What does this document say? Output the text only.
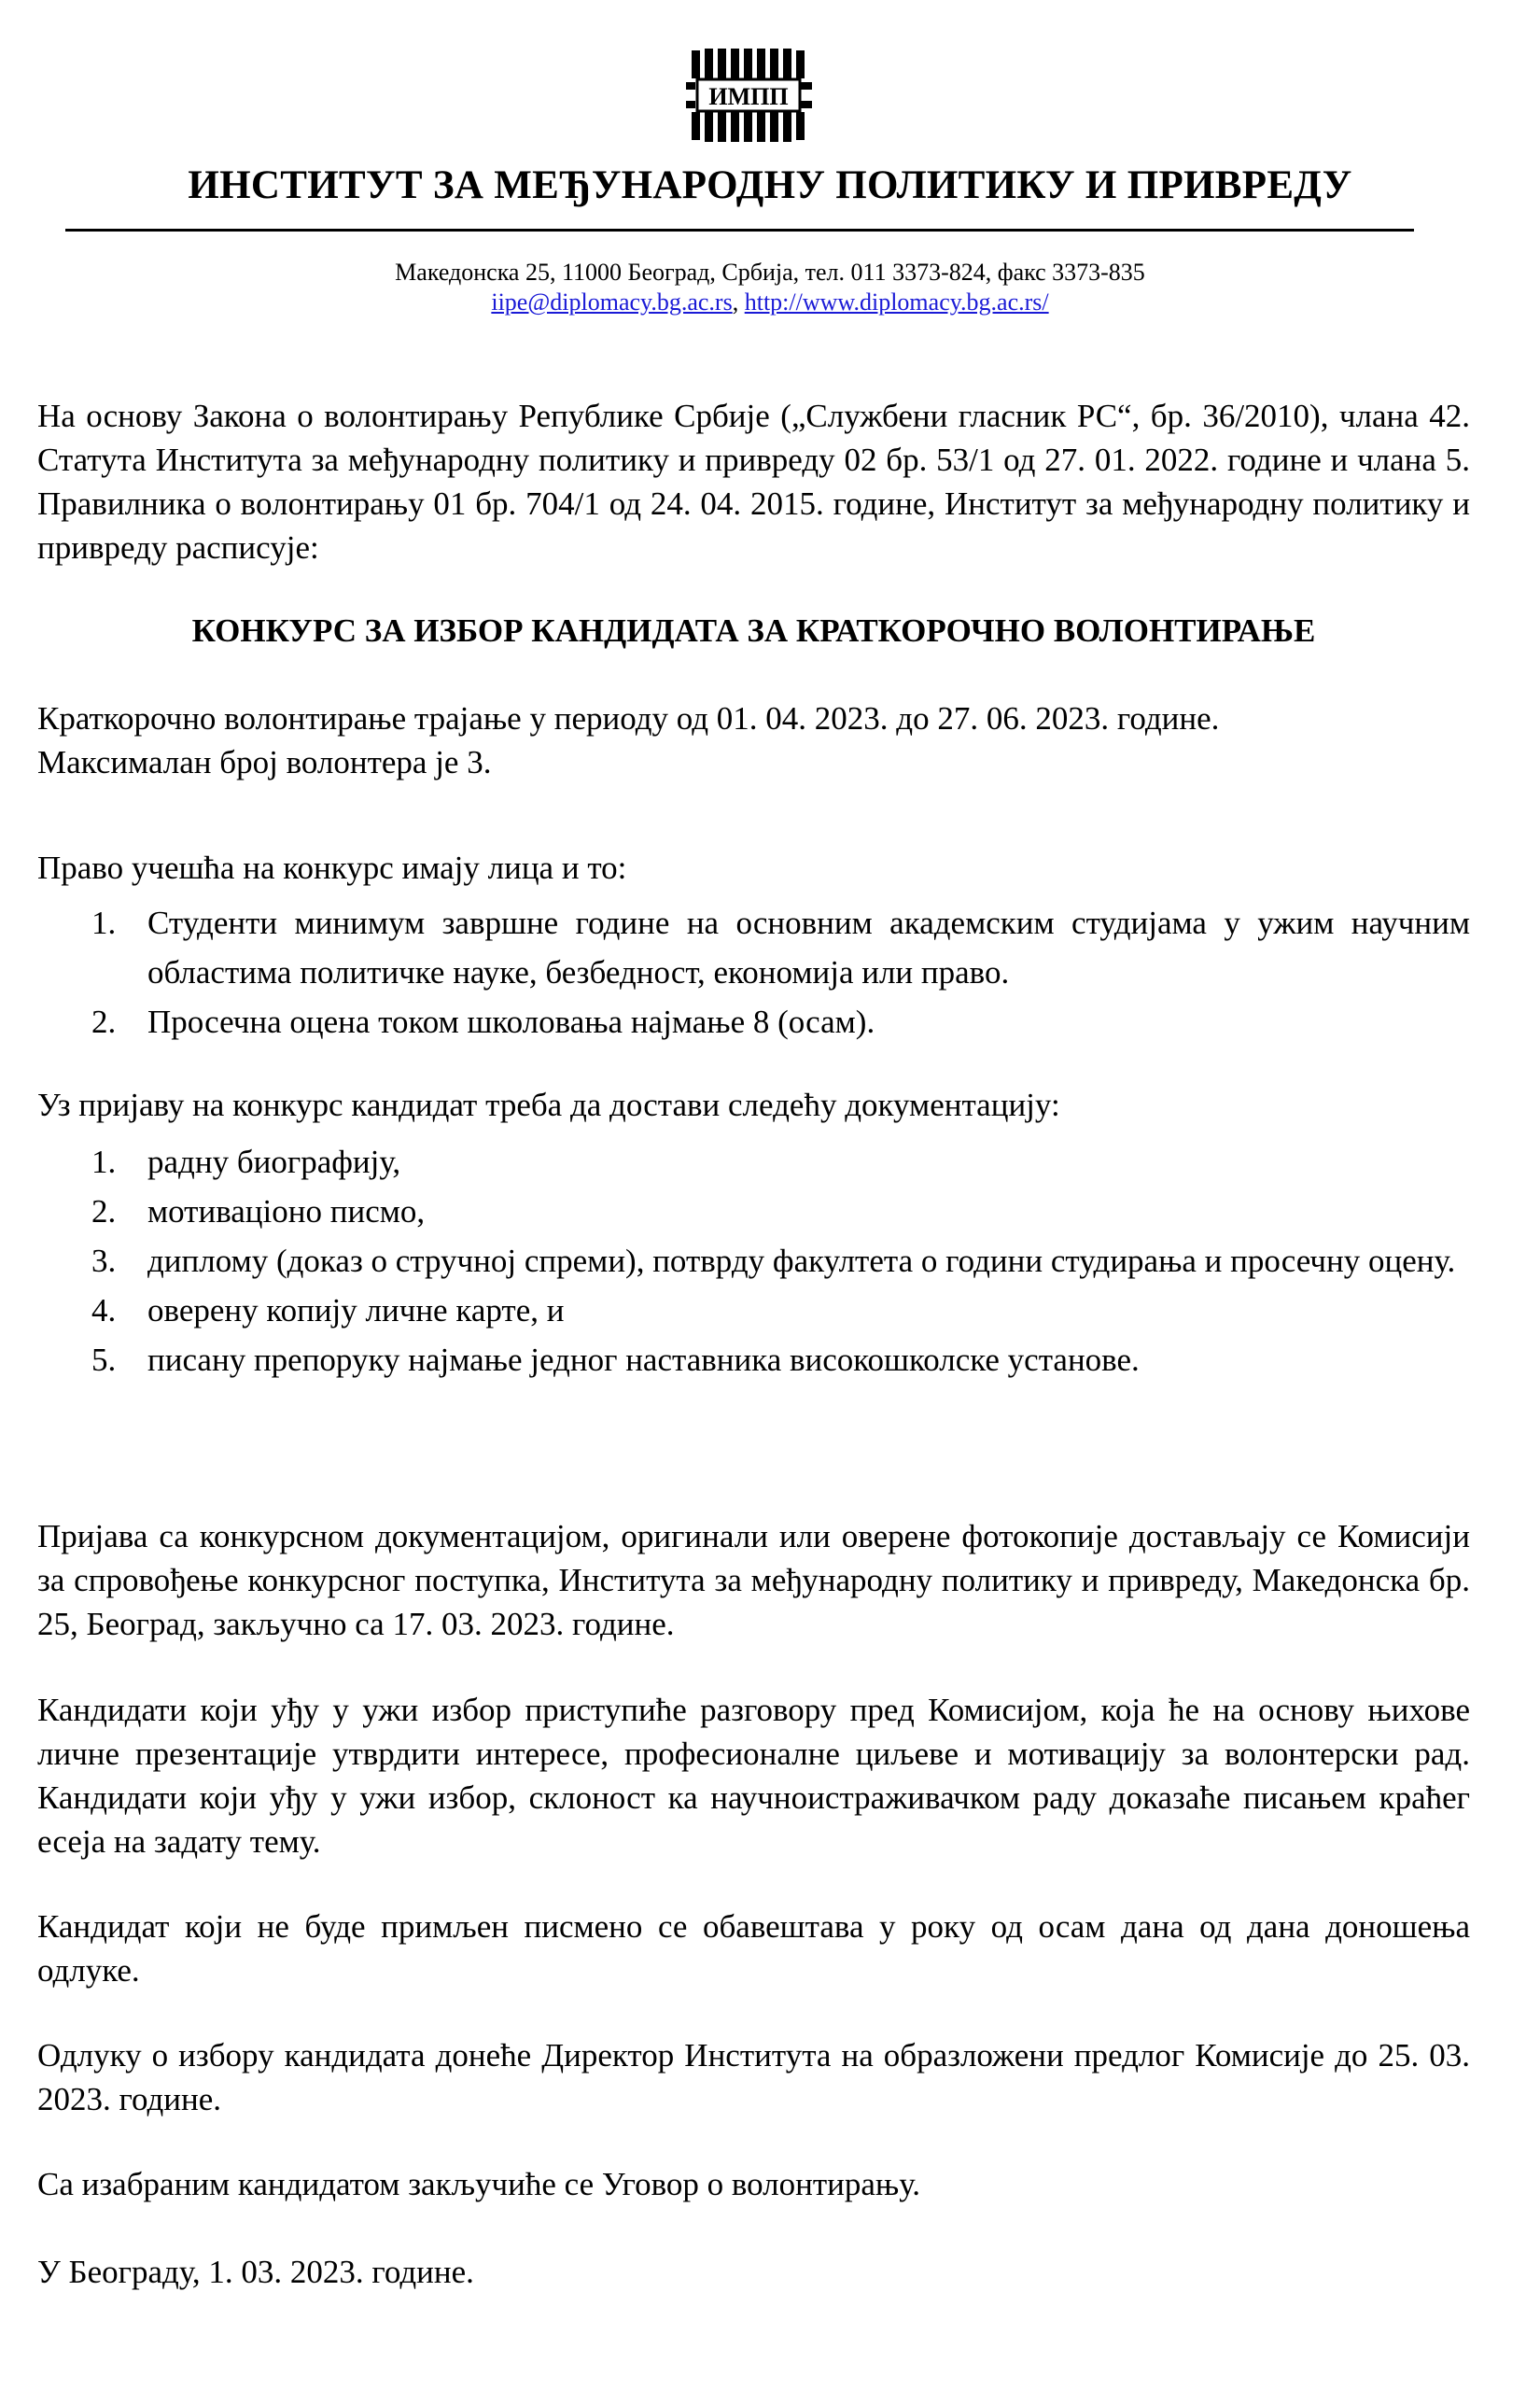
ИМПП
ИНСТИТУТ ЗА МЕЂУНАРОДНУ ПОЛИТИКУ И ПРИВРЕДУ
Македонска 25, 11000 Београд, Србија, тел. 011 3373-824, факс 3373-835
iipe@diplomacy.bg.ac.rs, http://www.diplomacy.bg.ac.rs/
На основу Закона о волонтирању Републике Србије („Службени гласник РС“, бр. 36/2010), члана 42. Статута Института за међународну политику и привреду 02 бр. 53/1 од 27. 01. 2022. године и члана 5. Правилника о волонтирању 01 бр. 704/1 од 24. 04. 2015. године, Институт за међународну политику и привреду расписује:
КОНКУРС ЗА ИЗБОР КАНДИДАТА ЗА КРАТКОРОЧНО ВОЛОНТИРАЊЕ
Краткорочно волонтирање трајање у периоду од 01. 04. 2023. до 27. 06. 2023. године.
Максималан број волонтера је 3.
Право учешћа на конкурс имају лица и то:
1. Студенти минимум завршне године на основним академским студијама у ужим научним областима политичке науке, безбедност, економија или право.
2. Просечна оцена током школовања најмање 8 (осам).
Уз пријаву на конкурс кандидат треба да достави следећу документацију:
1. радну биографију,
2. мотиваціоно писмо,
3. диплому (доказ о стручној спреми), потврду факултета о години студирања и просечну оцену.
4. оверену копију личне карте, и
5. писану препоруку најмање једног наставника високошколске установе.
Пријава са конкурсном документацијом, оригинали или оверене фотокопије достављају се Комисији за спровођење конкурсног поступка, Института за међународну политику и привреду, Македонска бр. 25, Београд, закључно са 17. 03. 2023. године.
Кандидати који уђу у ужи избор приступиће разговору пред Комисијом, која ће на основу њихове личне презентације утврдити интересе, професионалне циљеве и мотивацију за волонтерски рад. Кандидати који уђу у ужи избор, склоност ка научноистраживачком раду доказаће писањем краћег есеја на задату тему.
Кандидат који не буде примљен писмено се обавештава у року од осам дана од дана доношења одлуке.
Одлуку о избору кандидата донеће Директор Института на образложени предлог Комисије до 25. 03. 2023. године.
Са изабраним кандидатом закључиће се Уговор о волонтирању.
У Београду, 1. 03. 2023. године.
